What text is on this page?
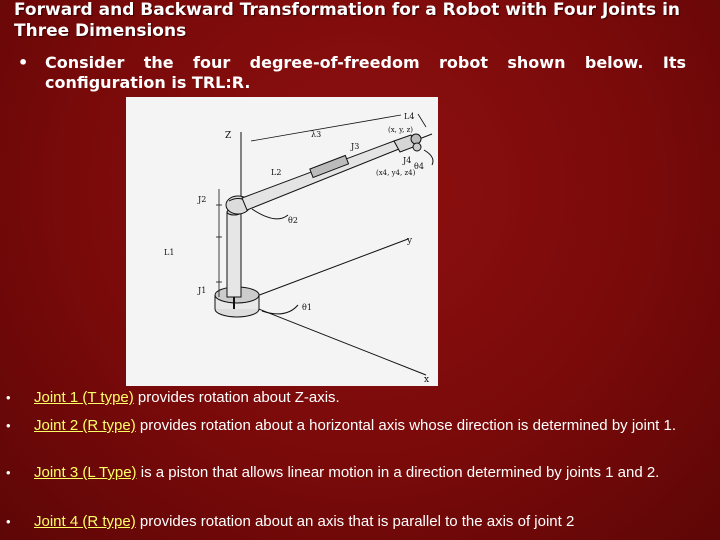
Forward and Backward Transformation for a Robot with Four Joints in Three Dimensions
• Consider the four degree-of-freedom robot shown below. Its configuration is TRL:R.
Z
y
x
L4
(x, y, z)
λ3
J3
J4
θ4
(x4, y4, z4)
L2
J2
θ2
L1
J1
θ1
• Joint 1 (T type) provides rotation about Z-axis.
• Joint 2 (R type) provides rotation about a horizontal axis whose direction is determined by joint 1.
• Joint 3 (L Type) is a piston that allows linear motion in a direction determined by joints 1 and 2.
• Joint 4 (R type) provides rotation about an axis that is parallel to the axis of joint 2
